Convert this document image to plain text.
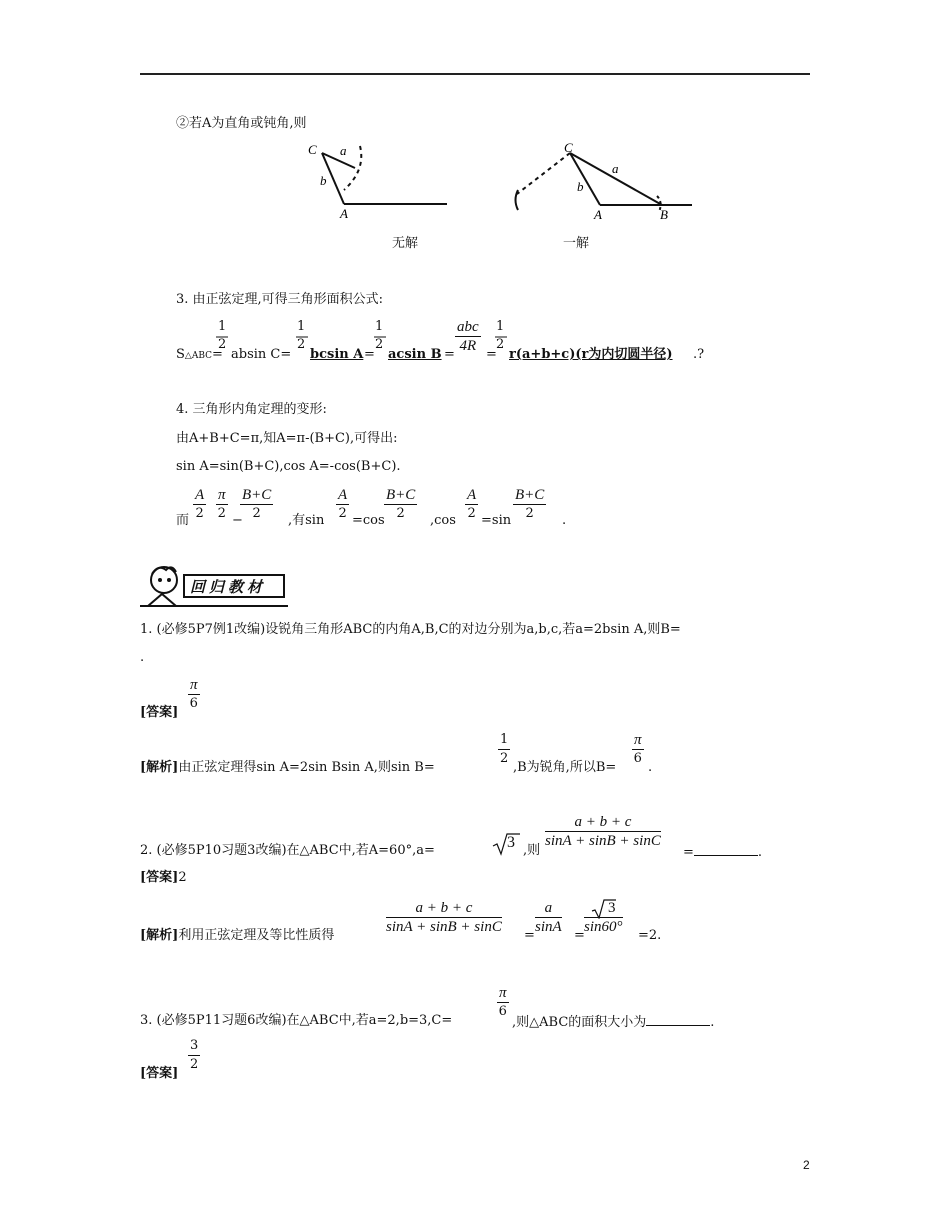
②若A为直角或钝角,则
C a
b
A
无解
C
a
b
A	B
一解
3. 由正弦定理,可得三角形面积公式:
S△ABC=
1
2
absin C=
1
2
bcsin A =
1
2
acsin B =
abc
4R
=
1
2
r(a+b+c)(r为内切圆半径) .?
4. 三角形内角定理的变形:
由A+B+C=π,知A=π-(B+C),可得出:
sin A=sin(B+C),cos A=-cos(B+C).
而 $\frac{A}{2} \frac{\pi}{2}$ −
$\frac{B+C}{2}$ ,有$\sin \frac{A}{2} =\cos \frac{B+C}{2} ,\cos \frac{A}{2} =\sin \frac{B+C}{2}$ .
回归教材
1. (必修5P7例1改编)设锐角三角形ABC的内角A,B,C的对边分别为a,b,c,若a=2bsin A,则B=
.
[答案] $\frac{\pi}{6}$
[解析]由正弦定理得sin A=2sin Bsin A,则sin B=	$\frac{1}{2} ,B$为锐角,所以$B= \frac{\pi}{6}$ .
2. (必修5P10习题3改编)在△ABC中,若A=60°,a=	3 ,则
$\frac{a + b + c}{\sin A + \sin B + \sin C}$
=	.
[答案]2
[解析]利用正弦定理及等比性质得	$\frac{a + b + c}{\sin A + \sin B + \sin C} = \frac{a}{\sin A} = \frac{3}{\sin 60^\circ} =2$.
3. (必修5P11习题6改编)在△ABC中,若a=2,b=3,C=	$\frac{\pi}{6}$
,则△ABC的面积大小为	.
[答案] $\frac{3}{2}$
2
